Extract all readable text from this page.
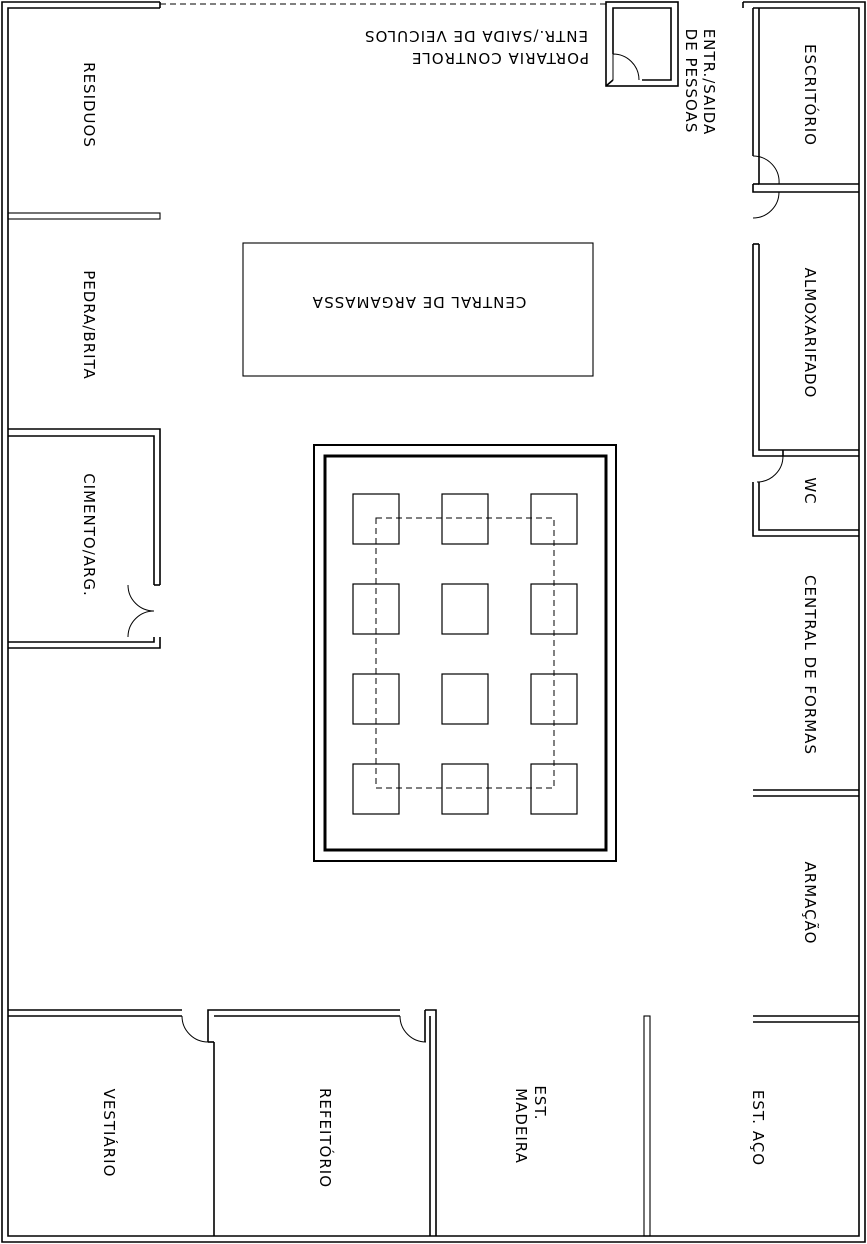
RESIDUOS
PEDRA/BRITA
CIMENTO/ARG.
VESTIÁRIO	REFEITÓRIO	EST.
MADEIRA	EST. AÇO
ARMAÇÃO
CENTRAL DE FORMAS
WC
ALMOXARIFADO
ESCRITÓRIO
ENTR./SAIDA
DE PESSOAS
PORTARIA CONTROLE
ENTR./SAIDA DE VEICULOS
CENTRAL DE ARGAMASSA
